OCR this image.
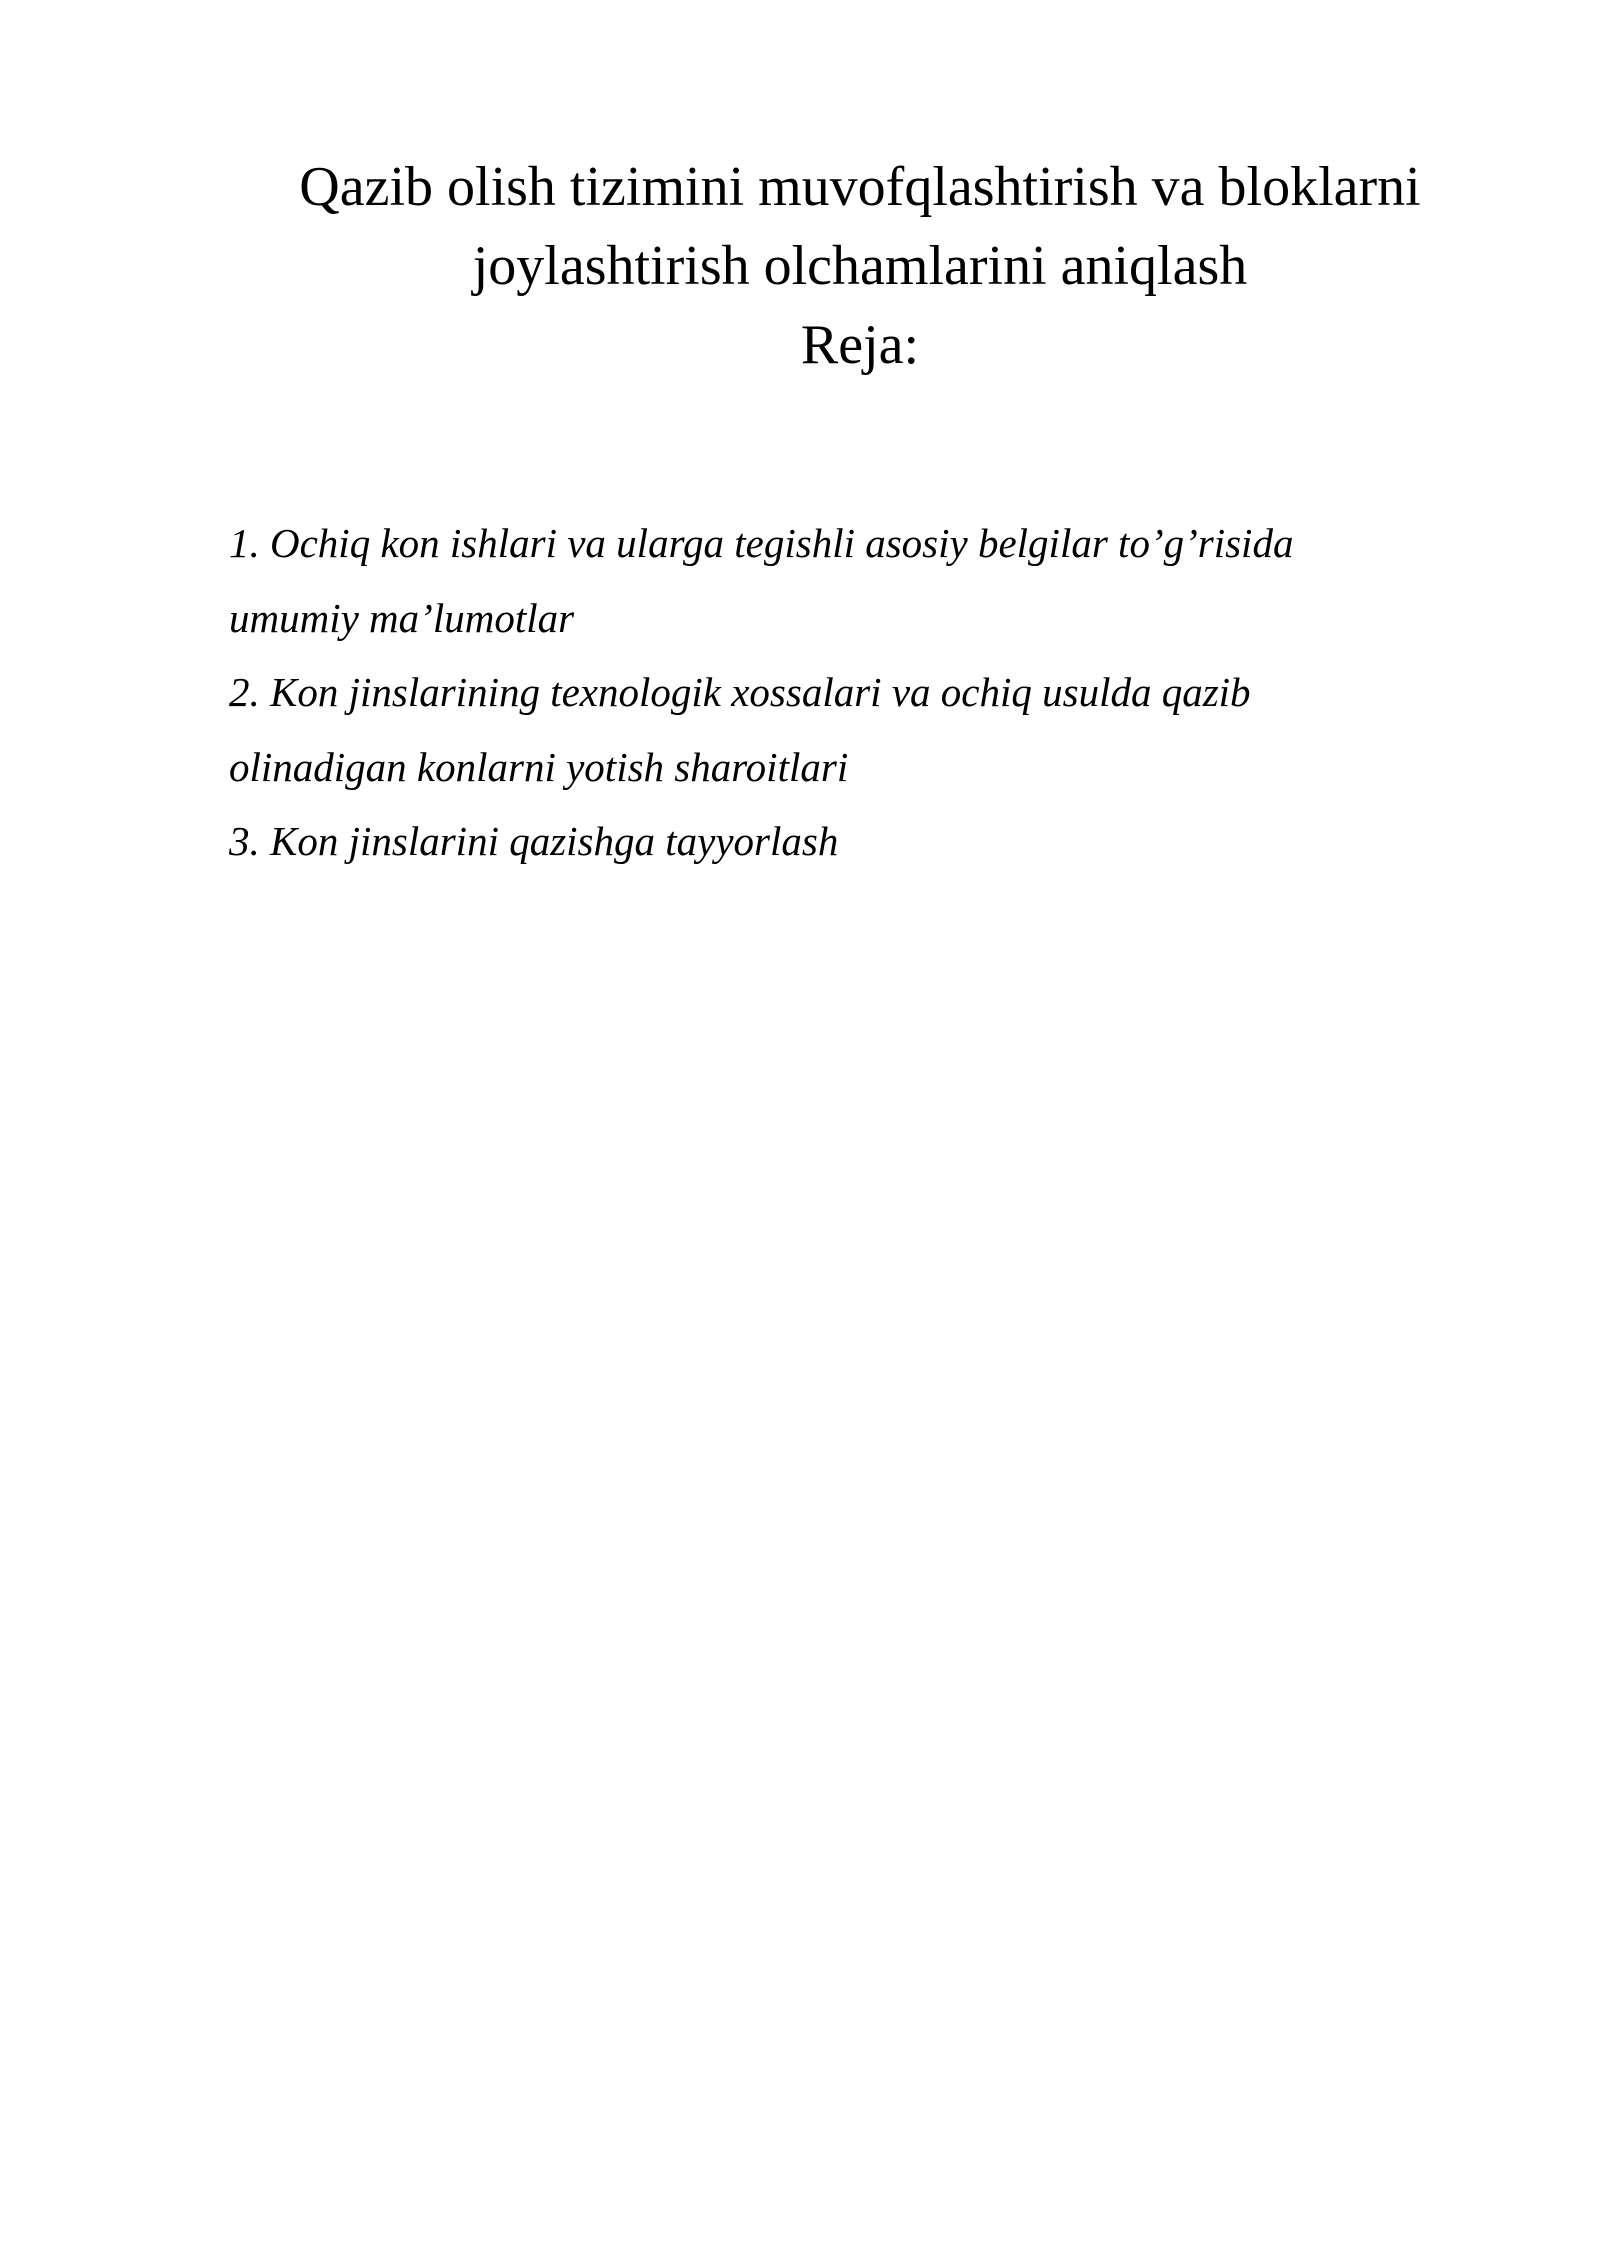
Qazib olish tizimini muvofqlashtirish va bloklarni
joylashtirish olchamlarini aniqlash
Reja:
1. Ochiq kon ishlari va ularga tegishli asosiy belgilar to’g’risida
umumiy ma’lumotlar
2. Kon jinslarining texnologik xossalari va ochiq usulda qazib
olinadigan konlarni yotish sharoitlari
3. Kon jinslarini qazishga tayyorlash
